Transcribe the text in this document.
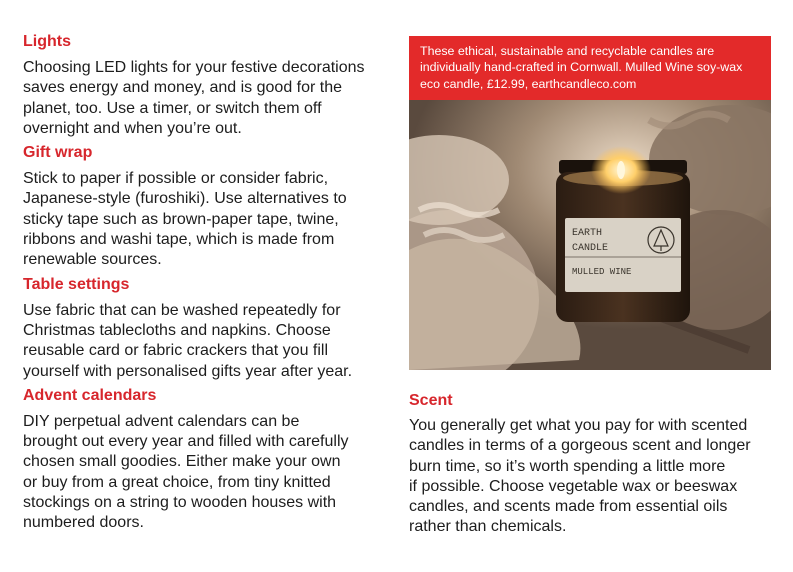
Lights

Choosing LED lights for your festive decorations
saves energy and money, and is good for the
planet, too. Use a timer, or switch them off
overnight and when you’re out.

Gift wrap

Stick to paper if possible or consider fabric,
Japanese-style (furoshiki). Use alternatives to
sticky tape such as brown-paper tape, twine,
ribbons and washi tape, which is made from
renewable sources.

Table settings

Use fabric that can be washed repeatedly for
Christmas tablecloths and napkins. Choose
reusable card or fabric crackers that you fill
yourself with personalised gifts year after year.

Advent calendars

DIY perpetual advent calendars can be
brought out every year and filled with carefully
chosen small goodies. Either make your own
or buy from a great choice, from tiny knitted
stockings on a string to wooden houses with
numbered doors.

These ethical, sustainable and recyclable candles are
individually hand-crafted in Cornwall. Mulled Wine soy-wax
eco candle, £12.99, earthcandleco.com
EARTH
CANDLE
MULLED WINE
Scent

You generally get what you pay for with scented
candles in terms of a gorgeous scent and longer
burn time, so it’s worth spending a little more
if possible. Choose vegetable wax or beeswax
candles, and scents made from essential oils
rather than chemicals.
